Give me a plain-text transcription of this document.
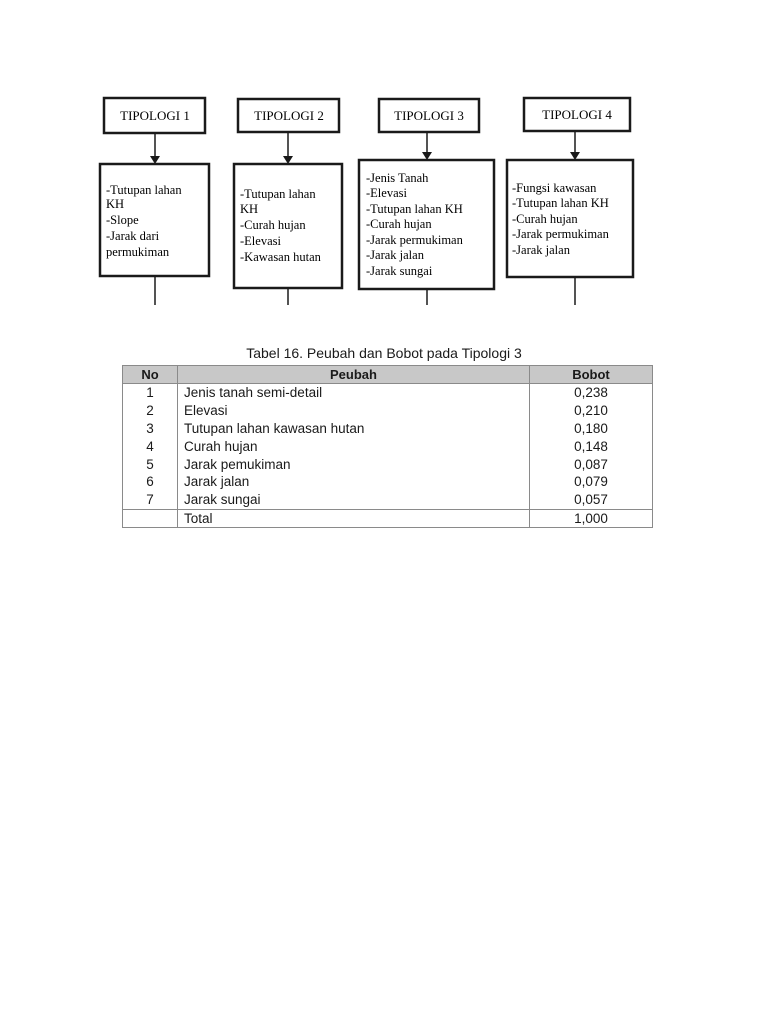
TIPOLOGI 1
-Tutupan lahan
KH
-Slope
-Jarak dari
permukiman
TIPOLOGI 2
-Tutupan lahan
KH
-Curah hujan
-Elevasi
-Kawasan hutan
TIPOLOGI 3
-Jenis Tanah
-Elevasi
-Tutupan lahan KH
-Curah hujan
-Jarak permukiman
-Jarak jalan
-Jarak sungai
TIPOLOGI 4
-Fungsi kawasan
-Tutupan lahan KH
-Curah hujan
-Jarak permukiman
-Jarak jalan
Tabel 16. Peubah dan Bobot pada Tipologi 3
No	Peubah	Bobot
1	Jenis tanah semi-detail	0,238
2	Elevasi	0,210
3	Tutupan lahan kawasan hutan	0,180
4	Curah hujan	0,148
5	Jarak pemukiman	0,087
6	Jarak jalan	0,079
7	Jarak sungai	0,057
	Total	1,000
